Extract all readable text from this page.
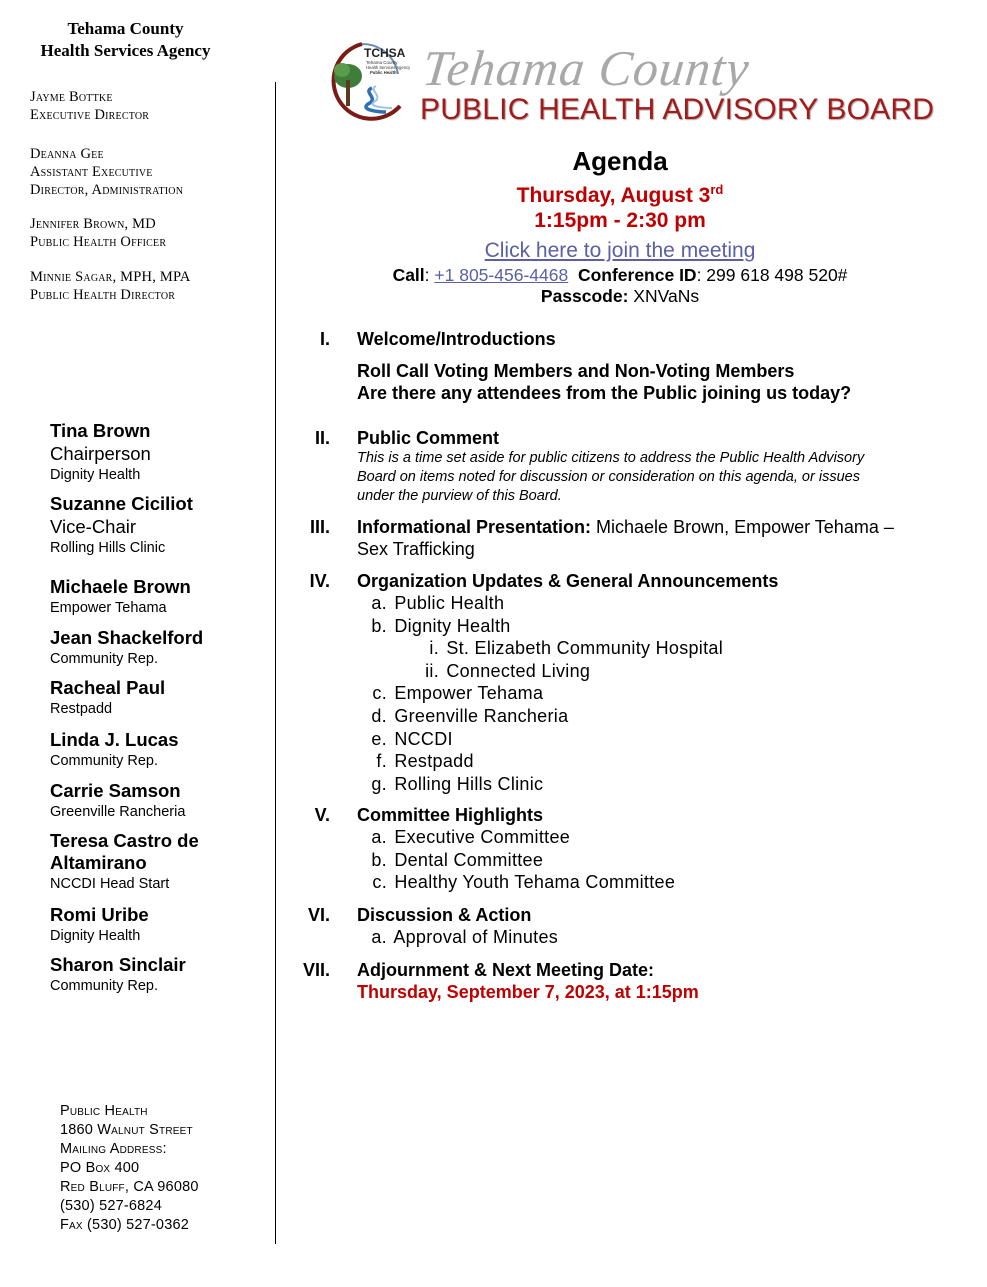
Tehama County
Health Services Agency
Jayme Bottke
Executive Director
Deanna Gee
Assistant Executive
Director, Administration
Jennifer Brown, MD
Public Health Officer
Minnie Sagar, MPH, MPA
Public Health Director
Tina Brown
Chairperson
Dignity Health
Suzanne Ciciliot
Vice-Chair
Rolling Hills Clinic
Michaele Brown
Empower Tehama
Jean Shackelford
Community Rep.
Racheal Paul
Restpadd
Linda J. Lucas
Community Rep.
Carrie Samson
Greenville Rancheria
Teresa Castro de
Altamirano
NCCDI Head Start
Romi Uribe
Dignity Health
Sharon Sinclair
Community Rep.
Public Health
1860 Walnut Street
Mailing Address:
PO Box 400
Red Bluff, CA 96080
(530) 527-6824
Fax (530) 527-0362
TCHSA
Tehama County
Health Services Agency
Public Health Tehama County
PUBLIC HEALTH ADVISORY BOARD
Agenda
Thursday, August 3rd
1:15pm - 2:30 pm
Click here to join the meeting
Call: +1 805-456-4468 Conference ID: 299 618 498 520#
Passcode: XNVaNs
I. Welcome/Introductions
Roll Call Voting Members and Non-Voting Members
Are there any attendees from the Public joining us today?
II. Public Comment
This is a time set aside for public citizens to address the Public Health Advisory
Board on items noted for discussion or consideration on this agenda, or issues
under the purview of this Board.
III. Informational Presentation: Michaele Brown, Empower Tehama –
Sex Trafficking
IV. Organization Updates & General Announcements
a. Public Health
b. Dignity Health
i. St. Elizabeth Community Hospital
ii. Connected Living
c. Empower Tehama
d. Greenville Rancheria
e. NCCDI
f. Restpadd
g. Rolling Hills Clinic
V. Committee Highlights
a. Executive Committee
b. Dental Committee
c. Healthy Youth Tehama Committee
VI. Discussion & Action
a. Approval of Minutes
VII. Adjournment & Next Meeting Date:
Thursday, September 7, 2023, at 1:15pm
